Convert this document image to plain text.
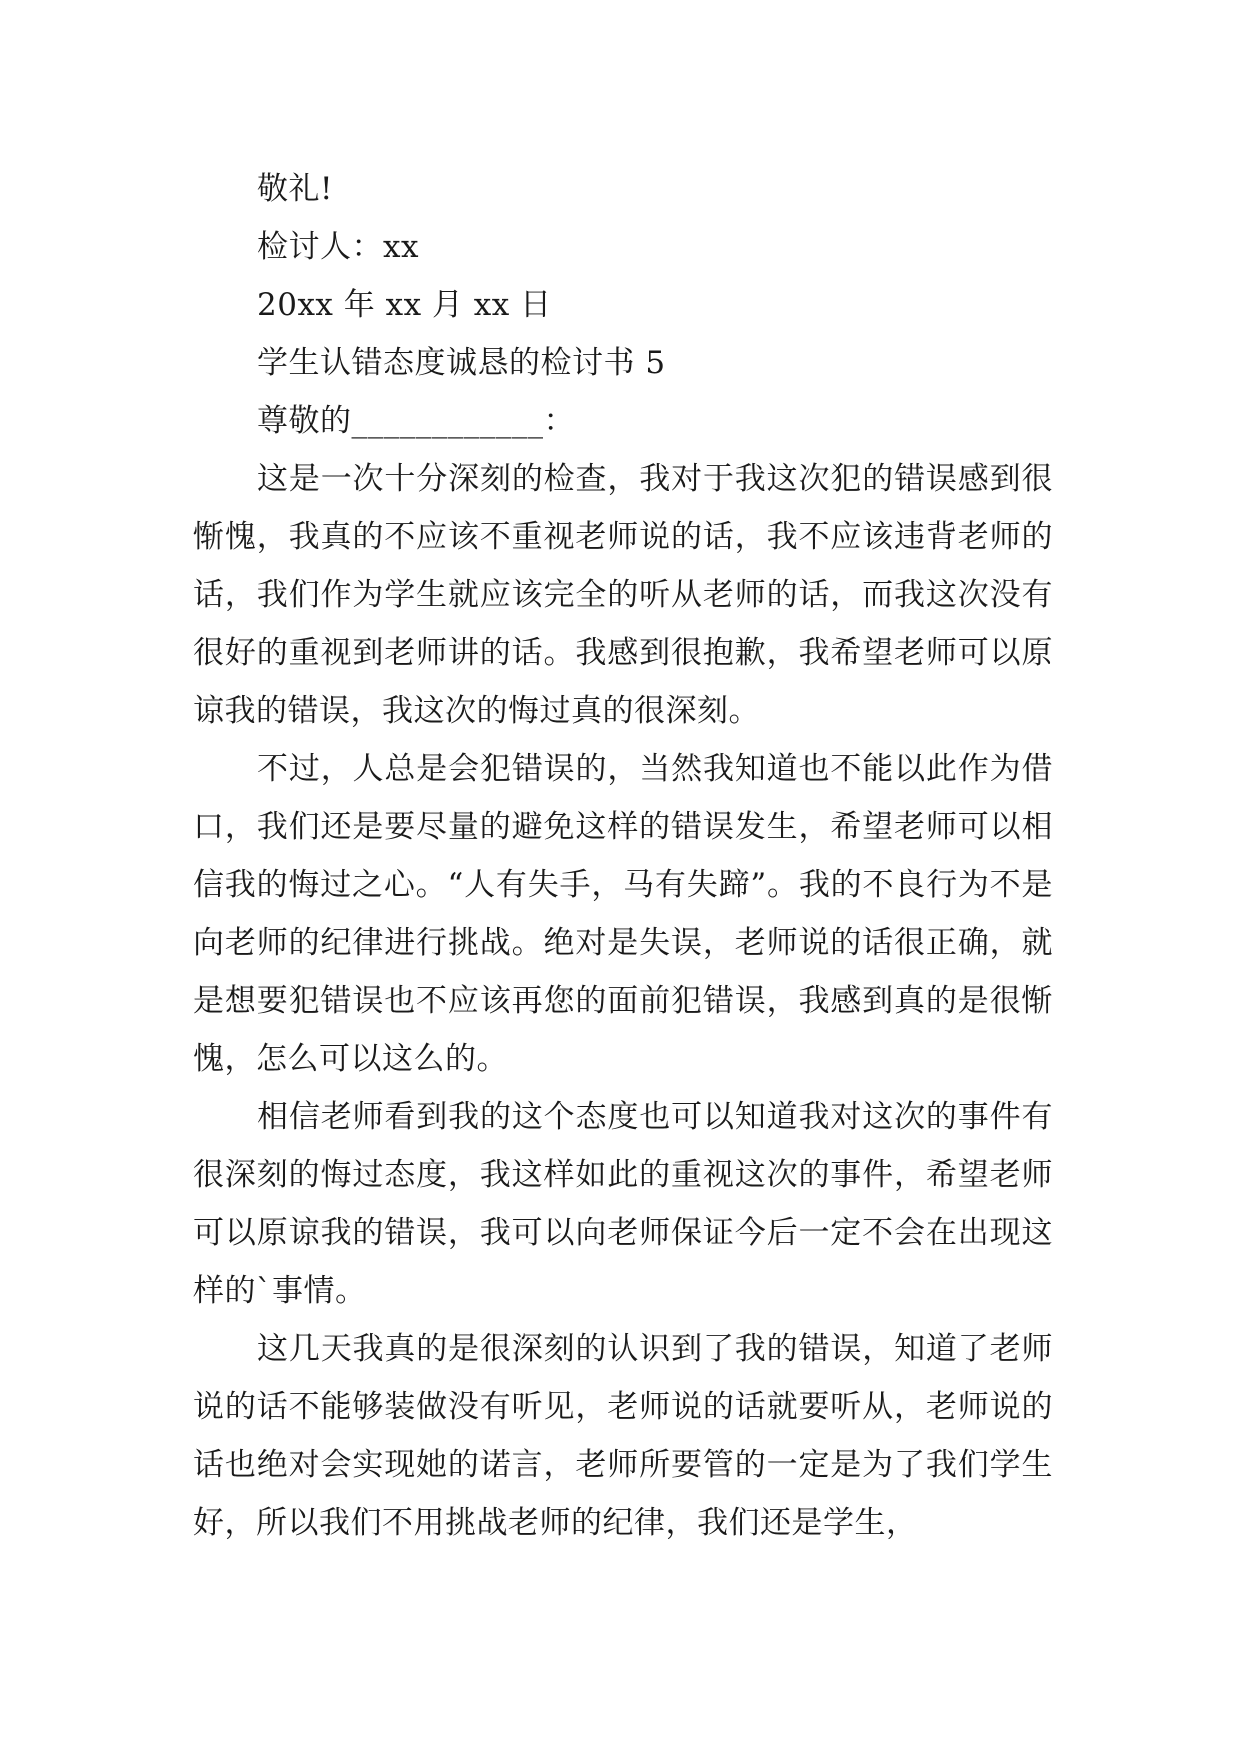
敬礼!
检讨人：xx
20xx 年 xx 月 xx 日
学生认错态度诚恳的检讨书 5
尊敬的____________：

这是一次十分深刻的检查，我对于我这次犯的错误感到很惭愧，我真的不应该不重视老师说的话，我不应该违背老师的话，我们作为学生就应该完全的听从老师的话，而我这次没有很好的重视到老师讲的话。我感到很抱歉，我希望老师可以原谅我的错误，我这次的悔过真的很深刻。

不过，人总是会犯错误的，当然我知道也不能以此作为借口，我们还是要尽量的避免这样的错误发生，希望老师可以相信我的悔过之心。“人有失手，马有失蹄”。我的不良行为不是向老师的纪律进行挑战。绝对是失误，老师说的话很正确，就是想要犯错误也不应该再您的面前犯错误，我感到真的是很惭愧，怎么可以这么的。

相信老师看到我的这个态度也可以知道我对这次的事件有很深刻的悔过态度，我这样如此的重视这次的事件，希望老师可以原谅我的错误，我可以向老师保证今后一定不会在出现这样的`事情。

这几天我真的是很深刻的认识到了我的错误，知道了老师说的话不能够装做没有听见，老师说的话就要听从，老师说的话也绝对会实现她的诺言，老师所要管的一定是为了我们学生好，所以我们不用挑战老师的纪律，我们还是学生，
